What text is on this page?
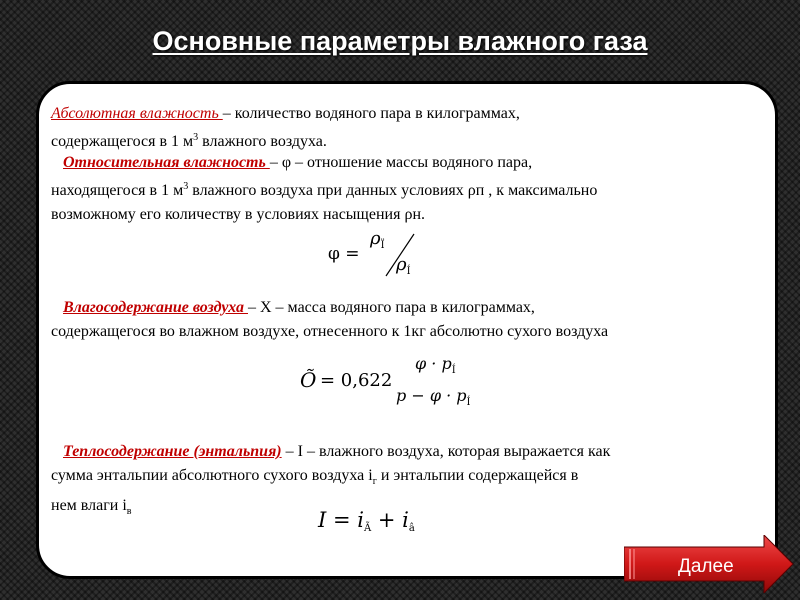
Основные параметры влажного газа
Абсолютная влажность – количество водяного пара в килограммах,
содержащегося в 1 $м^3$ влажного воздуха.
Относительная влажность – φ – отношение массы водяного пара,
находящегося в 1 $м^3$ влажного воздуха при данных условиях ρп , к максимально
возможному его количеству в условиях насыщения ρн.
φ =
$\rho_Ï$
$\rho_Í$
Влагосодержание воздуха – Х – масса водяного пара в килограммах,
содержащегося во влажном воздухе, отнесенного к 1кг абсолютно сухого воздуха
Õ = 0,622
$\varphi \cdot p_Í$
$p - \varphi \cdot p_Í$
Теплосодержание (энтальпия) – I – влажного воздуха, которая выражается как
сумма энтальпии абсолютного сухого воздуха $i_г$ и энтальпии содержащейся в
нем влаги $i_в$	$I = i_Ã + i_â$
Далее
